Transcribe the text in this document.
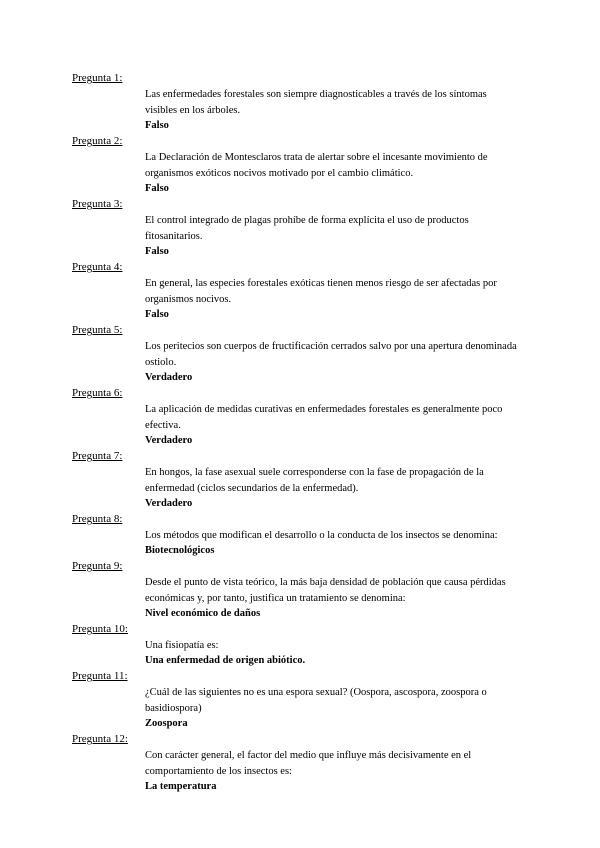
Pregunta 1:
Las enfermedades forestales son siempre diagnosticables a través de los síntomas visibles en los árboles.
Falso
Pregunta 2:
La Declaración de Montesclaros trata de alertar sobre el incesante movimiento de organismos exóticos nocivos motivado por el cambio climático.
Falso
Pregunta 3:
El control integrado de plagas prohíbe de forma explícita el uso de productos fitosanitarios.
Falso
Pregunta 4:
En general, las especies forestales exóticas tienen menos riesgo de ser afectadas por organismos nocivos.
Falso
Pregunta 5:
Los peritecios son cuerpos de fructificación cerrados salvo por una apertura denominada ostiolo.
Verdadero
Pregunta 6:
La aplicación de medidas curativas en enfermedades forestales es generalmente poco efectiva.
Verdadero
Pregunta 7:
En hongos, la fase asexual suele corresponderse con la fase de propagación de la enfermedad (ciclos secundarios de la enfermedad).
Verdadero
Pregunta 8:
Los métodos que modifican el desarrollo o la conducta de los insectos se denomina:
Biotecnológicos
Pregunta 9:
Desde el punto de vista teórico, la más baja densidad de población que causa pérdidas económicas y, por tanto, justifica un tratamiento se denomina:
Nivel económico de daños
Pregunta 10:
Una fisiopatía es:
Una enfermedad de origen abiótico.
Pregunta 11:
¿Cuál de las siguientes no es una espora sexual? (Oospora, ascospora, zoospora o basidiospora)
Zoospora
Pregunta 12:
Con carácter general, el factor del medio que influye más decisivamente en el comportamiento de los insectos es:
La temperatura
